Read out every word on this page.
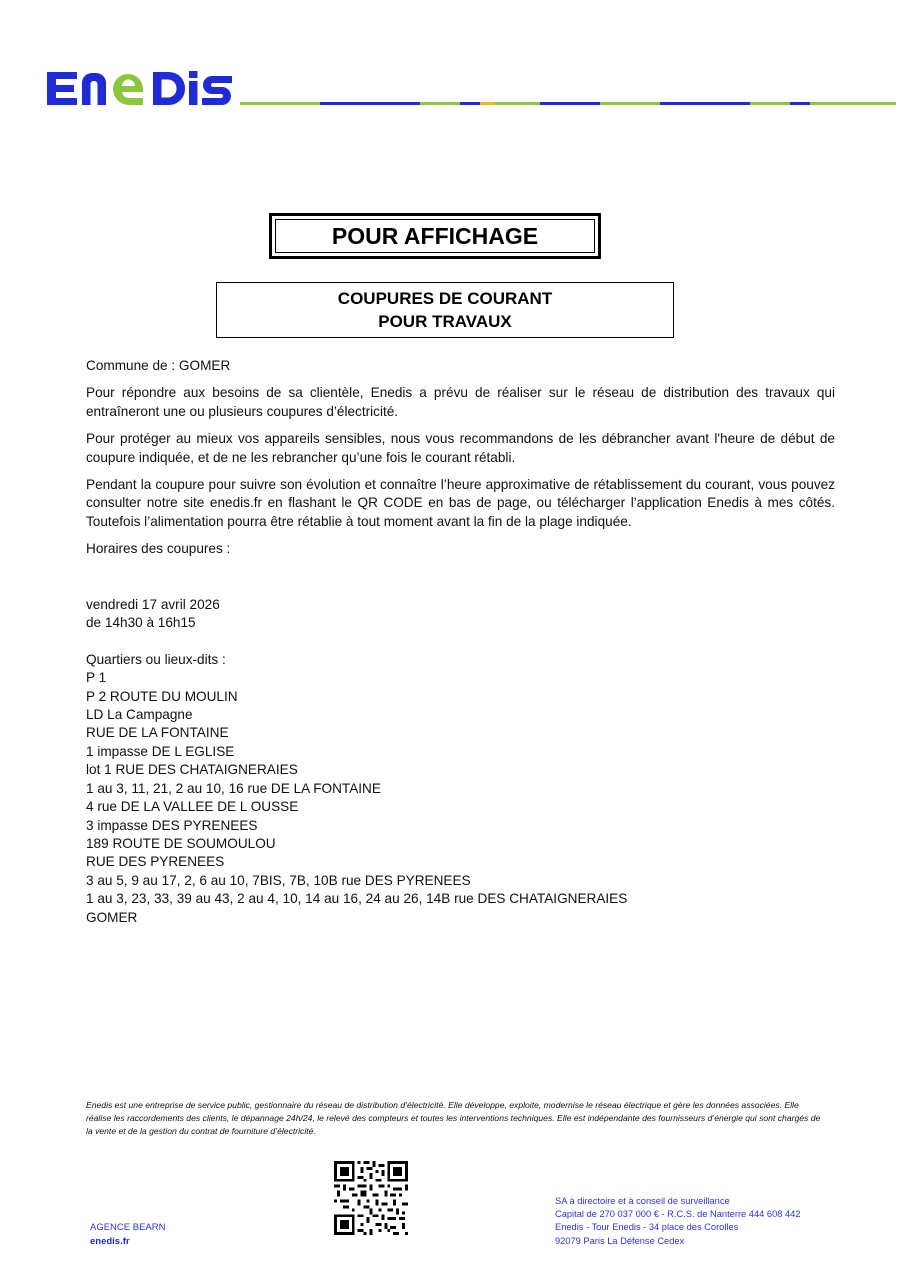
POUR AFFICHAGE
COUPURES DE COURANT
POUR TRAVAUX

Commune de : GOMER

Pour répondre aux besoins de sa clientèle, Enedis a prévu de réaliser sur le réseau de distribution des travaux qui entraîneront une ou plusieurs coupures d’électricité.

Pour protéger au mieux vos appareils sensibles, nous vous recommandons de les débrancher avant l'heure de début de coupure indiquée, et de ne les rebrancher qu’une fois le courant rétabli.

Pendant la coupure pour suivre son évolution et connaître l’heure approximative de rétablissement du courant, vous pouvez consulter notre site enedis.fr en flashant le QR CODE en bas de page, ou télécharger l’application Enedis à mes côtés. Toutefois l’alimentation pourra être rétablie à tout moment avant la fin de la plage indiquée.

Horaires des coupures :

vendredi 17 avril 2026
de 14h30 à 16h15
Quartiers ou lieux-dits :
P 1
P 2 ROUTE DU MOULIN
LD La Campagne
RUE DE LA FONTAINE
1 impasse DE L EGLISE
lot 1 RUE DES CHATAIGNERAIES
1 au 3, 11, 21, 2 au 10, 16 rue DE LA FONTAINE
4 rue DE LA VALLEE DE L OUSSE
3 impasse DES PYRENEES
189 ROUTE DE SOUMOULOU
RUE DES PYRENEES
3 au 5, 9 au 17, 2, 6 au 10, 7BIS, 7B, 10B rue DES PYRENEES
1 au 3, 23, 33, 39 au 43, 2 au 4, 10, 14 au 16, 24 au 26, 14B rue DES CHATAIGNERAIES
GOMER
Enedis est une entreprise de service public, gestionnaire du réseau de distribution d’électricité. Elle développe, exploite, modernise le réseau électrique et gère les données associées. Elle réalise les raccordements des clients, le dépannage 24h/24, le relevé des compteurs et toutes les interventions techniques. Elle est indépendante des fournisseurs d’énergie qui sont chargés de la vente et de la gestion du contrat de fourniture d’électricité.
AGENCE BEARN
enedis.fr
SA à directoire et à conseil de surveillance
Capital de 270 037 000 € - R.C.S. de Nanterre 444 608 442
Enedis - Tour Enedis - 34 place des Corolles
92079 Paris La Défense Cedex
